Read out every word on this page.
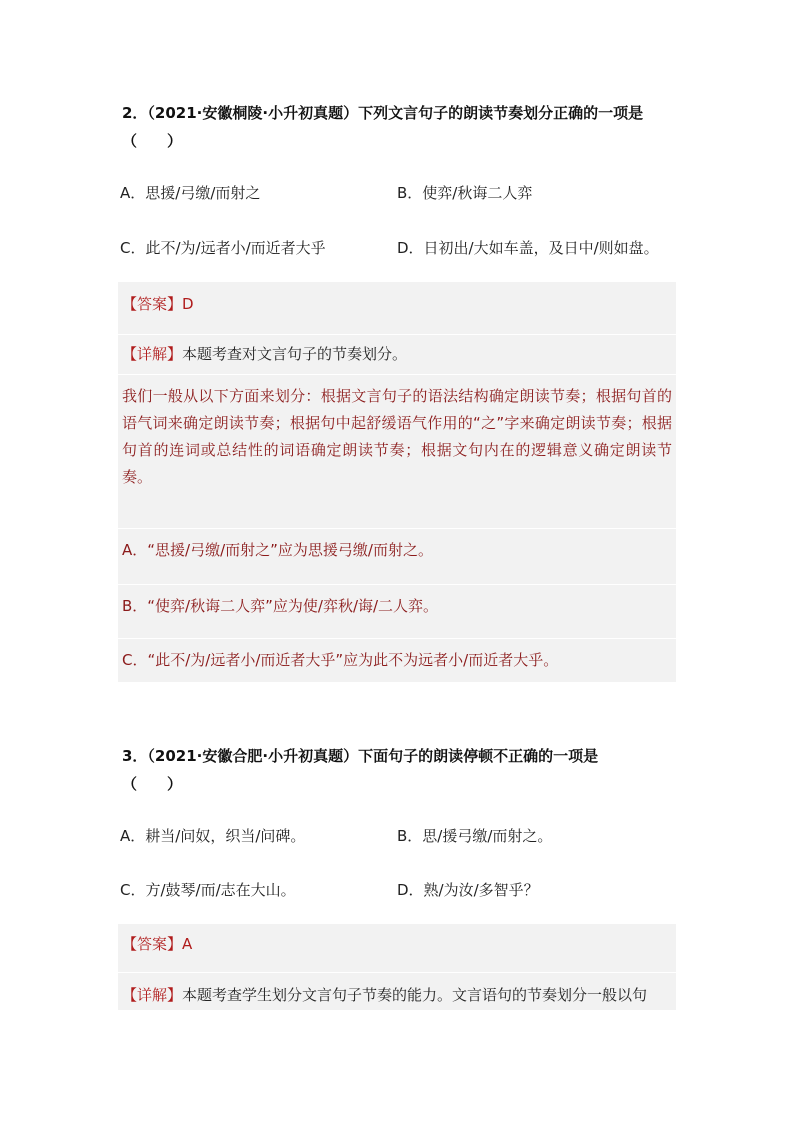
2．（2021·安徽桐陵·小升初真题）下列文言句子的朗读节奏划分正确的一项是
（　　）
A．思援/弓缴/而射之	B．使弈/秋诲二人弈
C．此不/为/远者小/而近者大乎	D．日初出/大如车盖，及日中/则如盘。
【答案】D
【详解】本题考查对文言句子的节奏划分。
我们一般从以下方面来划分：根据文言句子的语法结构确定朗读节奏；根据句首的语气词来确定朗读节奏；根据句中起舒缓语气作用的“之”字来确定朗读节奏；根据句首的连词或总结性的词语确定朗读节奏；根据文句内在的逻辑意义确定朗读节奏。
A．“思援/弓缴/而射之”应为思援弓缴/而射之。
B．“使弈/秋诲二人弈”应为使/弈秋/诲/二人弈。
C．“此不/为/远者小/而近者大乎”应为此不为远者小/而近者大乎。
3．（2021·安徽合肥·小升初真题）下面句子的朗读停顿不正确的一项是
（　　）
A．耕当/问奴，织当/问碑。	B．思/援弓缴/而射之。
C．方/鼓琴/而/志在大山。	D．熟/为汝/多智乎？
【答案】A
【详解】本题考查学生划分文言句子节奏的能力。文言语句的节奏划分一般以句
